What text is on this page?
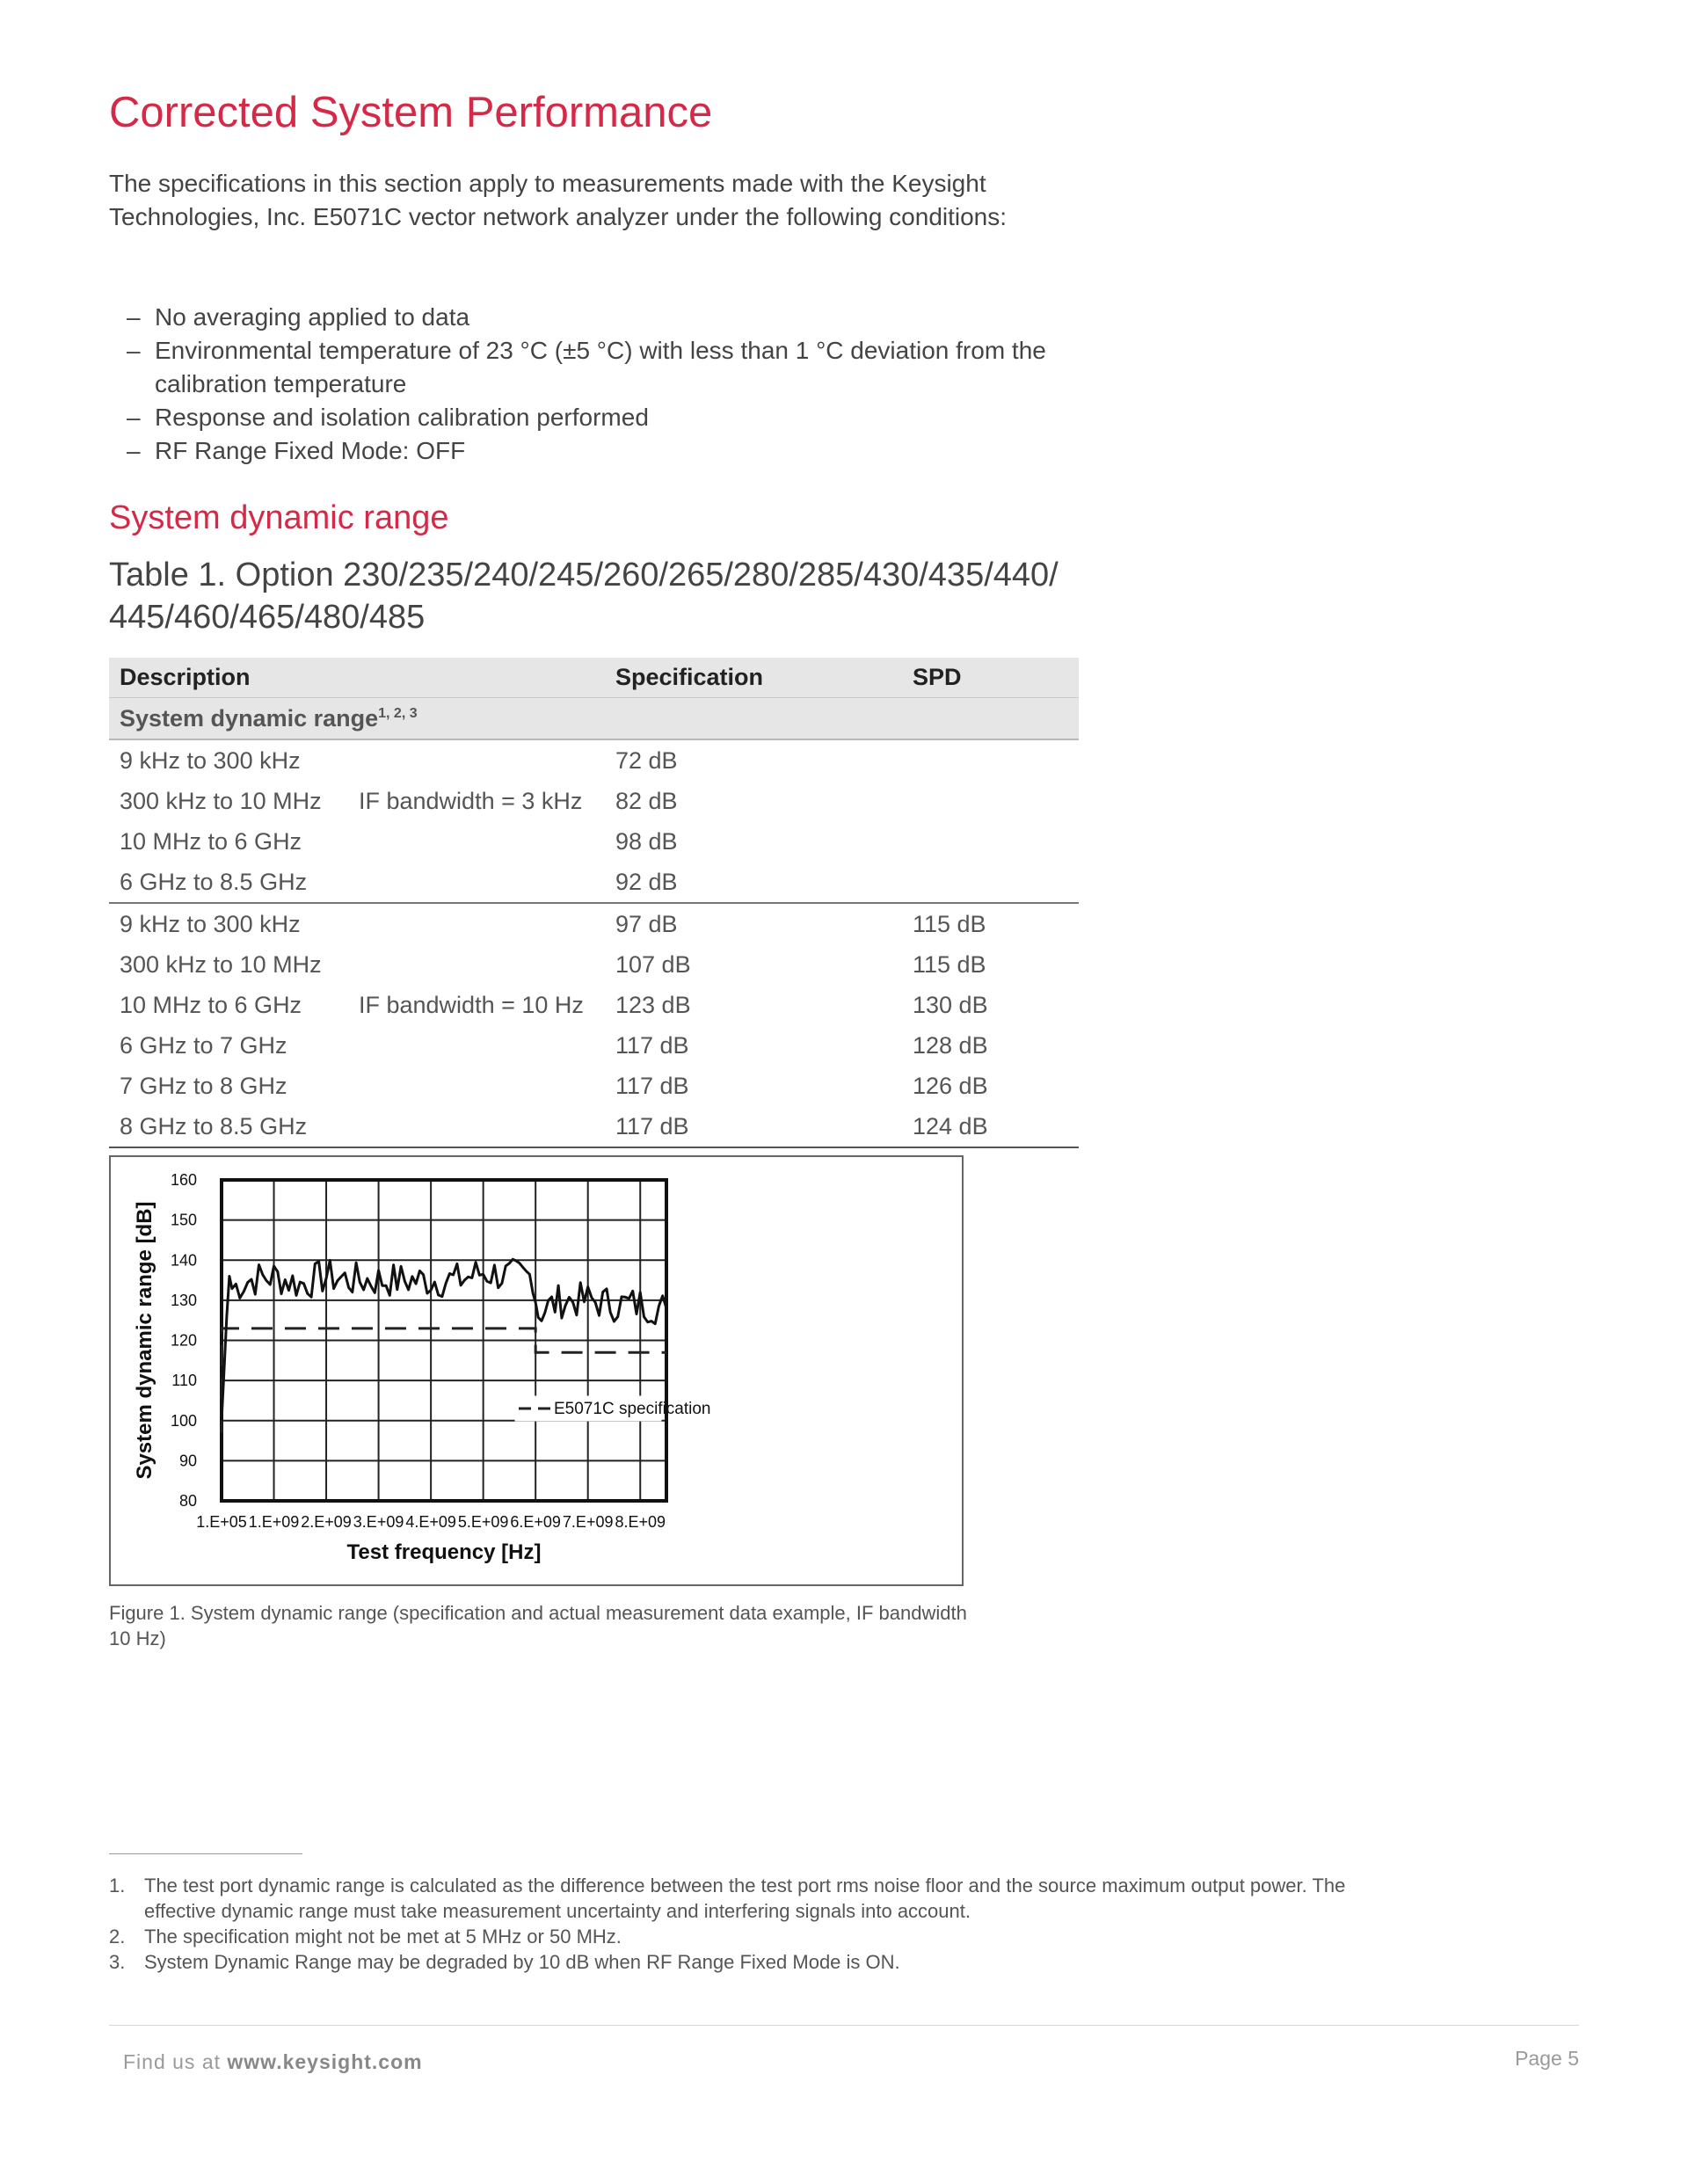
Corrected System Performance

The specifications in this section apply to measurements made with the Keysight Technologies, Inc. E5071C vector network analyzer under the following conditions:

– No averaging applied to data
– Environmental temperature of 23 °C (±5 °C) with less than 1 °C deviation from the calibration temperature
– Response and isolation calibration performed
– RF Range Fixed Mode: OFF
System dynamic range
Table 1. Option 230/235/240/245/260/265/280/285/430/435/440/ 445/460/465/480/485
Description		Specification	SPD
System dynamic range$^{1, 2, 3}$
9 kHz to 300 kHz		72 dB	
300 kHz to 10 MHz	IF bandwidth = 3 kHz	82 dB	
10 MHz to 6 GHz		98 dB	
6 GHz to 8.5 GHz		92 dB	
9 kHz to 300 kHz		97 dB	115 dB
300 kHz to 10 MHz		107 dB	115 dB
10 MHz to 6 GHz	IF bandwidth = 10 Hz	123 dB	130 dB
6 GHz to 7 GHz		117 dB	128 dB
7 GHz to 8 GHz		117 dB	126 dB
8 GHz to 8.5 GHz		117 dB	124 dB
80
90
100
110
120
130
140
150
160
1.E+05 1.E+09 2.E+09 3.E+09 4.E+09 5.E+09 6.E+09 7.E+09 8.E+09
Test frequency [Hz]
System dynamic range [dB]	E5071C specification

Figure 1. System dynamic range (specification and actual measurement data example, IF bandwidth 10 Hz)

1. The test port dynamic range is calculated as the difference between the test port rms noise floor and the source maximum output power. The effective dynamic range must take measurement uncertainty and interfering signals into account.
2. The specification might not be met at 5 MHz or 50 MHz.
3. System Dynamic Range may be degraded by 10 dB when RF Range Fixed Mode is ON.

Find us at www.keysight.com	Page 5
